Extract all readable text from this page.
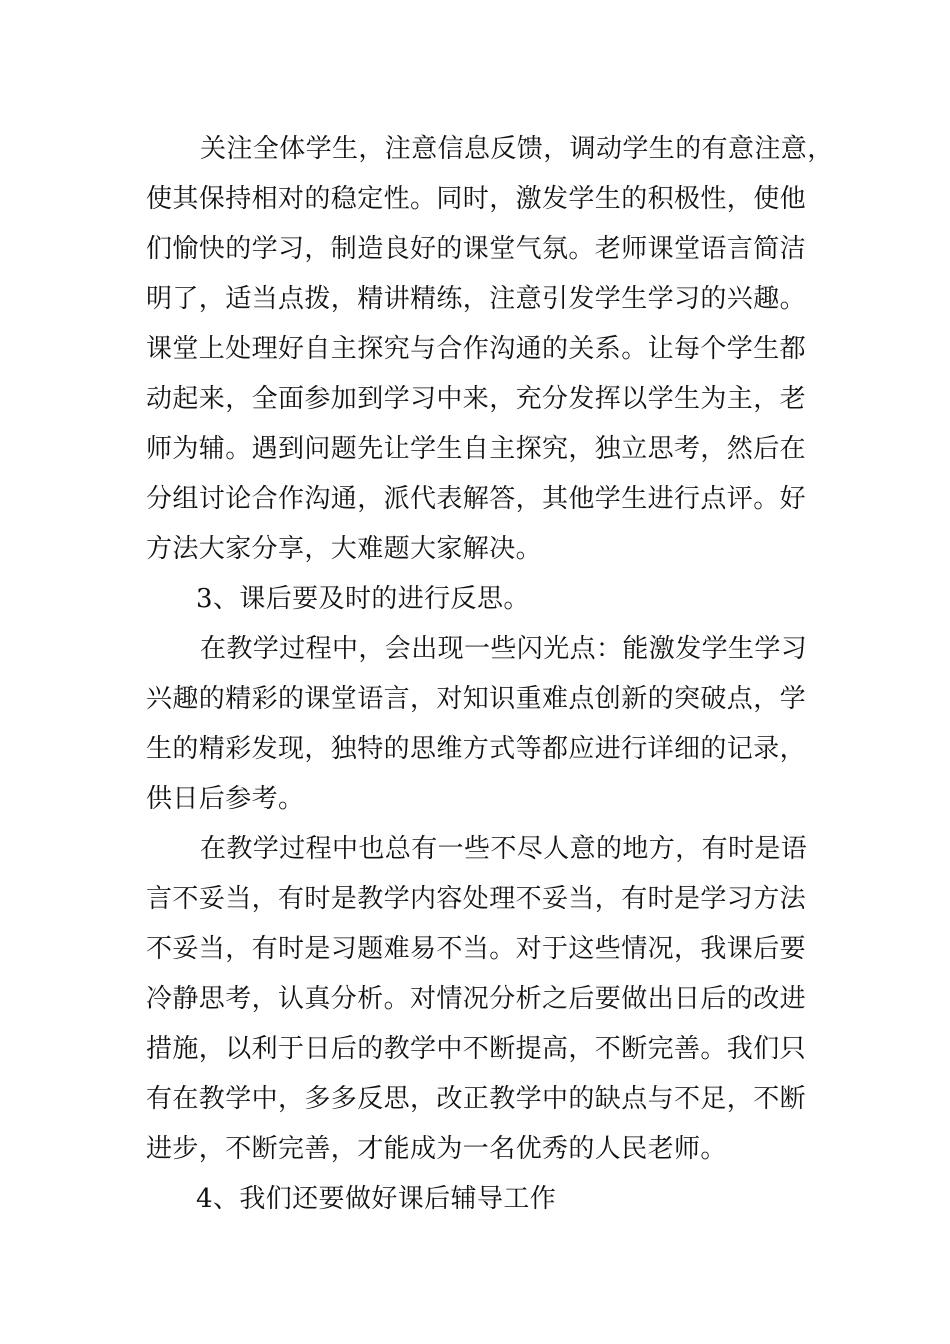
关注全体学生，注意信息反馈，调动学生的有意注意，
使其保持相对的稳定性。同时，激发学生的积极性，使他
们愉快的学习，制造良好的课堂气氛。老师课堂语言简洁
明了，适当点拨，精讲精练，注意引发学生学习的兴趣。
课堂上处理好自主探究与合作沟通的关系。让每个学生都
动起来，全面参加到学习中来，充分发挥以学生为主，老
师为辅。遇到问题先让学生自主探究，独立思考，然后在
分组讨论合作沟通，派代表解答，其他学生进行点评。好
方法大家分享，大难题大家解决。
3、课后要及时的进行反思。
在教学过程中，会出现一些闪光点：能激发学生学习
兴趣的精彩的课堂语言，对知识重难点创新的突破点，学
生的精彩发现，独特的思维方式等都应进行详细的记录，
供日后参考。
在教学过程中也总有一些不尽人意的地方，有时是语
言不妥当，有时是教学内容处理不妥当，有时是学习方法
不妥当，有时是习题难易不当。对于这些情况，我课后要
冷静思考，认真分析。对情况分析之后要做出日后的改进
措施，以利于日后的教学中不断提高，不断完善。我们只
有在教学中，多多反思，改正教学中的缺点与不足，不断
进步，不断完善，才能成为一名优秀的人民老师。
4、我们还要做好课后辅导工作
